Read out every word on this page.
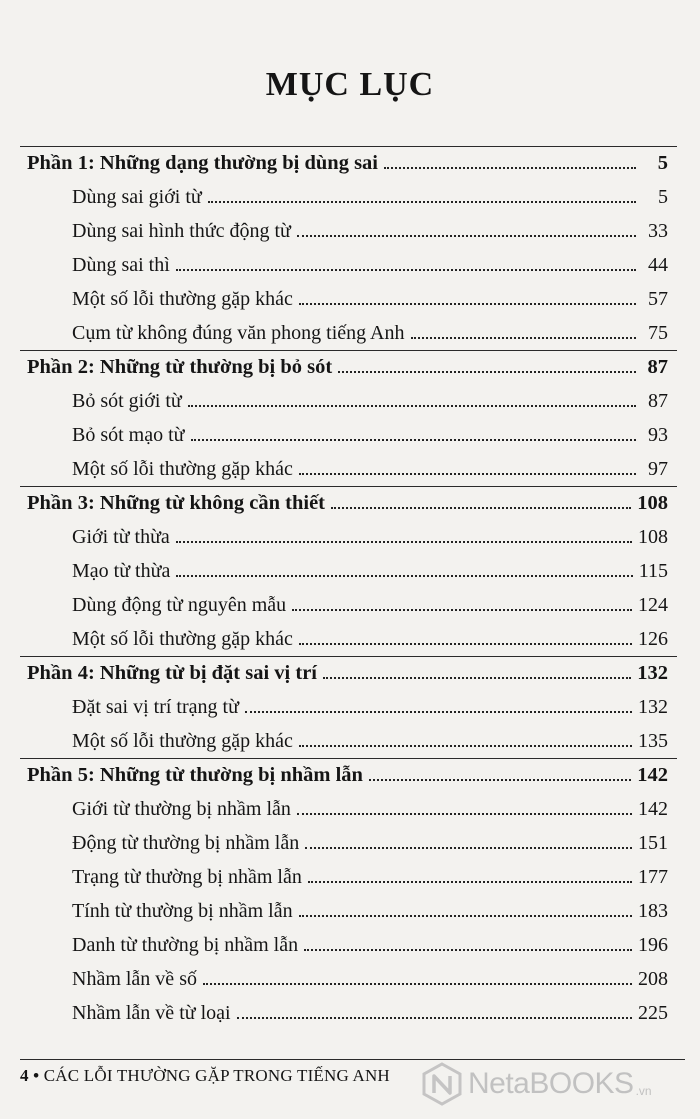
MỤC LỤC
Phần 1: Những dạng thường bị dùng sai	5
Dùng sai giới từ	5
Dùng sai hình thức động từ	33
Dùng sai thì	44
Một số lỗi thường gặp khác	57
Cụm từ không đúng văn phong tiếng Anh	75
Phần 2: Những từ thường bị bỏ sót	87
Bỏ sót giới từ	87
Bỏ sót mạo từ	93
Một số lỗi thường gặp khác	97
Phần 3: Những từ không cần thiết	108
Giới từ thừa	108
Mạo từ thừa	115
Dùng động từ nguyên mẫu	124
Một số lỗi thường gặp khác	126
Phần 4: Những từ bị đặt sai vị trí	132
Đặt sai vị trí trạng từ	132
Một số lỗi thường gặp khác	135
Phần 5: Những từ thường bị nhầm lẫn	142
Giới từ thường bị nhầm lẫn	142
Động từ thường bị nhầm lẫn	151
Trạng từ thường bị nhầm lẫn	177
Tính từ thường bị nhầm lẫn	183
Danh từ thường bị nhầm lẫn	196
Nhầm lẫn về số	208
Nhầm lẫn về từ loại	225
4 • CÁC LỖI THƯỜNG GẶP TRONG TIẾNG ANH	NetaBOOKS .vn
